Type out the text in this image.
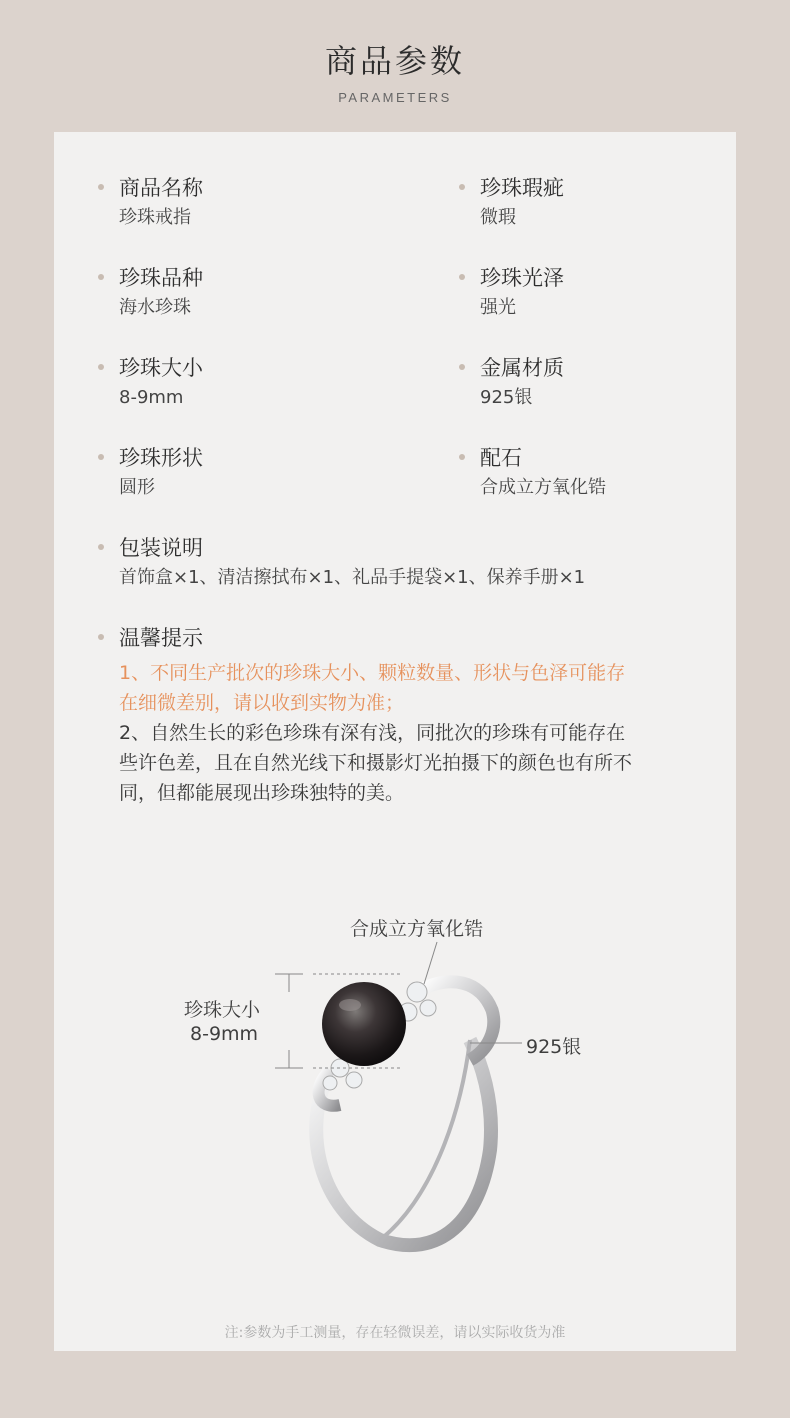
商品参数
PARAMETERS
商品名称
珍珠戒指
珍珠品种
海水珍珠
珍珠大小
8-9mm
珍珠形状
圆形
珍珠瑕疵
微瑕
珍珠光泽
强光
金属材质
925银
配石
合成立方氧化锆
包装说明
首饰盒×1、清洁擦拭布×1、礼品手提袋×1、保养手册×1
温馨提示
1、不同生产批次的珍珠大小、颗粒数量、形状与色泽可能存
在细微差别，请以收到实物为准；
2、自然生长的彩色珍珠有深有浅，同批次的珍珠有可能存在
些许色差，且在自然光线下和摄影灯光拍摄下的颜色也有所不
同，但都能展现出珍珠独特的美。
合成立方氧化锆
珍珠大小
8-9mm
925银
注:参数为手工测量，存在轻微误差，请以实际收货为准
